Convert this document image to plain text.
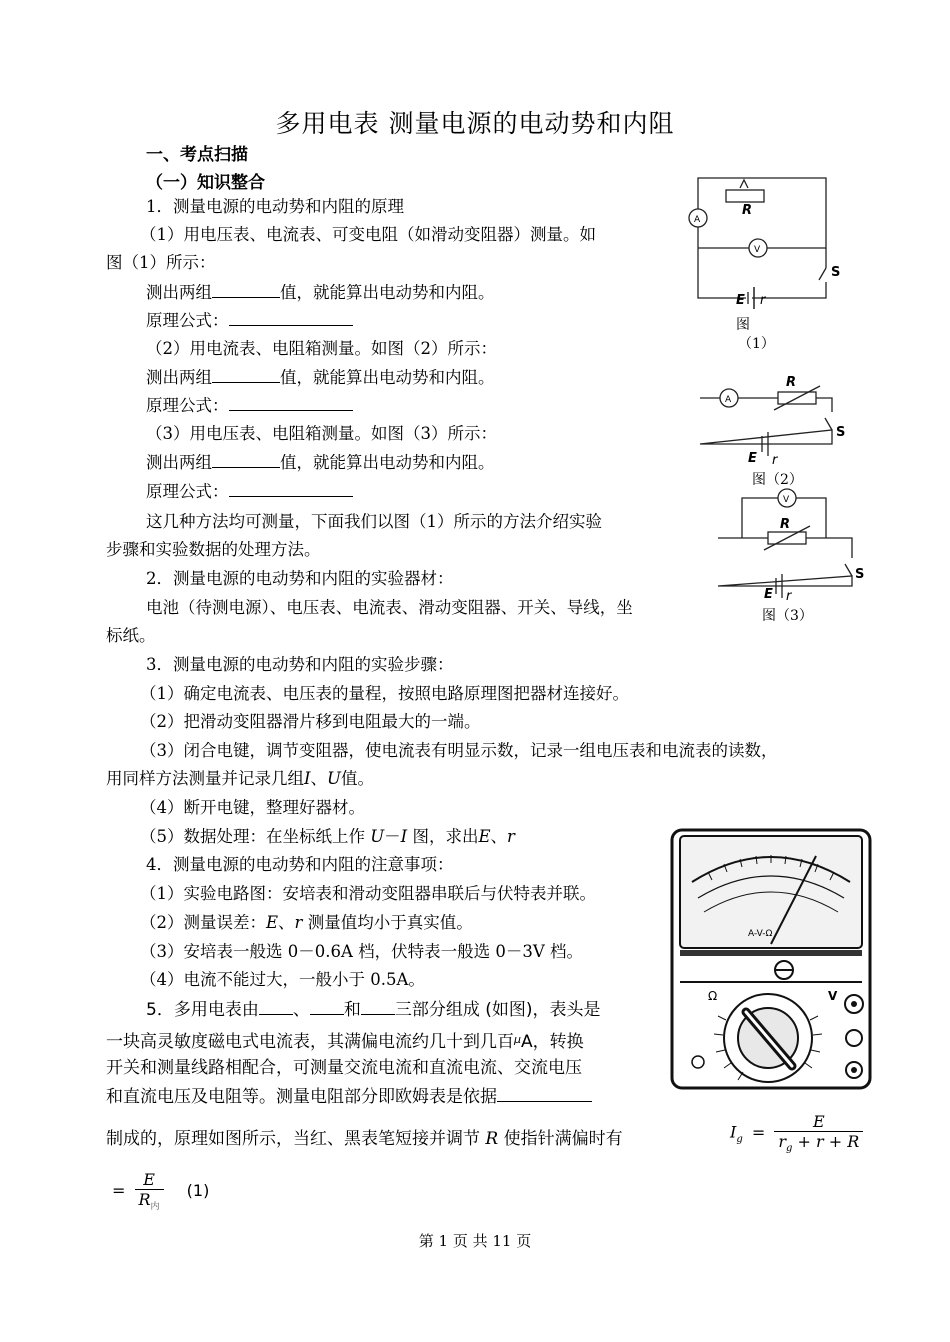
多用电表 测量电源的电动势和内阻
一、考点扫描
（一）知识整合
1．测量电源的电动势和内阻的原理
（1）用电压表、电流表、可变电阻（如滑动变阻器）测量。如
图（1）所示：
测出两组	值，就能算出电动势和内阻。
原理公式：
（2）用电流表、电阻箱测量。如图（2）所示：
测出两组	值，就能算出电动势和内阻。
原理公式：
（3）用电压表、电阻箱测量。如图（3）所示：
测出两组	值，就能算出电动势和内阻。
原理公式：
这几种方法均可测量，下面我们以图（1）所示的方法介绍实验
步骤和实验数据的处理方法。
2．测量电源的电动势和内阻的实验器材：
电池（待测电源）、电压表、电流表、滑动变阻器、开关、导线，坐
标纸。
3．测量电源的电动势和内阻的实验步骤：
（1）确定电流表、电压表的量程，按照电路原理图把器材连接好。
（2）把滑动变阻器滑片移到电阻最大的一端。
（3）闭合电键，调节变阻器，使电流表有明显示数，记录一组电压表和电流表的读数，
用同样方法测量并记录几组I、U值。
（4）断开电键，整理好器材。
（5）数据处理：在坐标纸上作 U－I 图，求出E、r
4．测量电源的电动势和内阻的注意事项：
（1）实验电路图：安培表和滑动变阻器串联后与伏特表并联。
（2）测量误差：E、r 测量值均小于真实值。
（3）安培表一般选 0－0.6A 档，伏特表一般选 0－3V 档。
（4）电流不能过大，一般小于 0.5A。
5．多用电表由 、 和 三部分组成 (如图)，表头是
一块高灵敏度磁电式电流表，其满偏电流约几十到几百$^\mu$A，转换
开关和测量线路相配合，可测量交流电流和直流电流、交流电压
和直流电压及电阻等。测量电阻部分即欧姆表是依据
制成的，原理如图所示，当红、黑表笔短接并调节 R 使指针满偏时有	$I_g = \frac{E}{r_g + r + R}$
= $\frac{E}{R_内} (1)$
A
V
R
S
E r
图
（1）
A
R
S
E r
图（2）
V
R
S
E r
图（3）
A-V-Ω
Ω	V
第 1 页 共 11 页
